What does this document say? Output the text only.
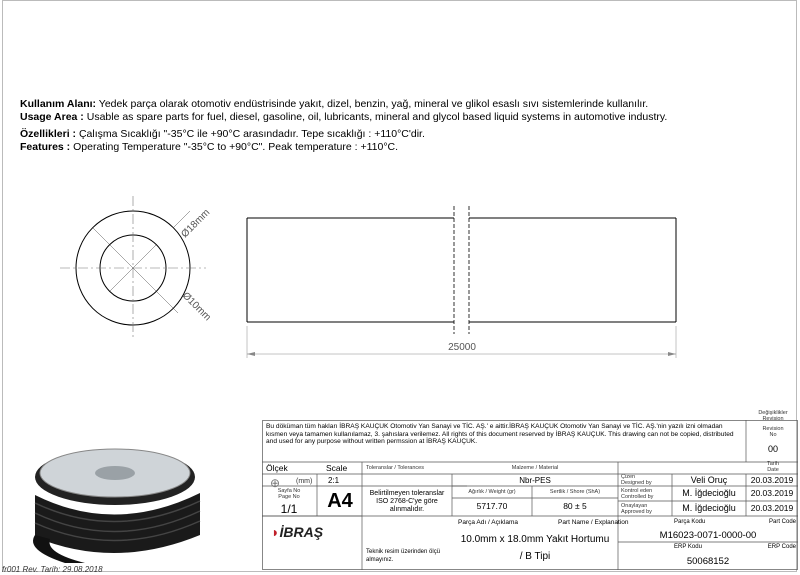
Kullanım Alanı: Yedek parça olarak otomotiv endüstrisinde yakıt, dizel, benzin, yağ, mineral ve glikol esaslı sıvı sistemlerinde kullanılır.
Usage Area : Usable as spare parts for fuel, diesel, gasoline, oil, lubricants, mineral and glycol based liquid systems in automotive industry.
Özellikleri : Çalışma Sıcaklığı "-35°C ile +90°C arasındadır. Tepe sıcaklığı : +110°C'dir.
Features : Operating Temperature "-35°C to +90°C". Peak temperature : +110°C.
Ø18mm
Ø10mm
25000
Bu döküman tüm hakları İBRAŞ KAUÇUK Otomotiv Yan Sanayi ve TİC. AŞ.' e aittir.İBRAŞ KAUÇUK Otomotiv Yan Sanayi ve TİC. AŞ.'nin yazılı izni olmadan kısmen veya tamamen kullanılamaz, 3. şahıslara verilemez. All rights of this document reserved by İBRAŞ KAUÇUK. This drawing can not be copied, distributed and used for any purpose without written permssion at İBRAŞ KAUÇUK.
Değişiklikler
Revision
Revision
No
00
Tarih
Date
Ölçek	Scale
⊕ (mm) 2:1
Sayfa No
Page No
1/1	A4
Toleranslar / Tolerances
Belirtilmeyen toleranslar
ISO 2768-C'ye göre
alınmalıdır.
Malzeme / Material
Nbr-PES
Ağırlık / Weight (gr)	Sertlik / Shore (ShA)
5717.70	80 ± 5
Çizen
Designed by	Veli Oruç	20.03.2019
Kontrol eden
Controlled by	M. İğdecioğlu	20.03.2019
Onaylayan
Approved by	M. İğdecioğlu	20.03.2019
◗İBRAŞ
Teknik resim üzerinden ölçü almayınız.
Parça Adı / Açıklama	Part Name / Explanation
10.0mm x 18.0mm Yakıt Hortumu
/ B Tipi
Parça Kodu	Part Code
M16023-0071-0000-00
ERP Kodu	ERP Code
50068152
fr001 Rev. Tarih: 29.08.2018
